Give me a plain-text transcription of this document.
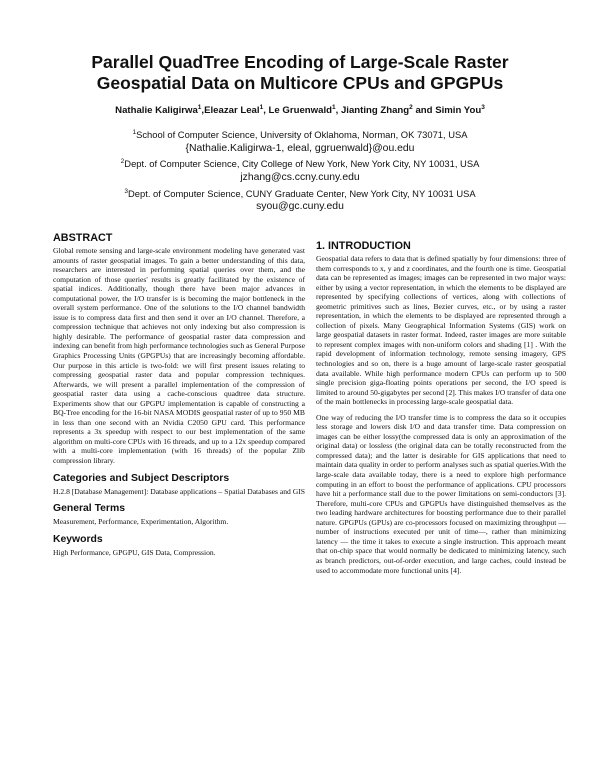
Parallel QuadTree Encoding of Large-Scale Raster
Geospatial Data on Multicore CPUs and GPGPUs
Nathalie Kaligirwa$^1$,Eleazar Leal$^1$, Le Gruenwald$^1$, Jianting Zhang$^2$ and Simin You$^3$
$^1$School of Computer Science, University of Oklahoma, Norman, OK 73071, USA
{Nathalie.Kaligirwa-1, eleal, ggruenwald}@ou.edu
$^2$Dept. of Computer Science, City College of New York, New York City, NY 10031, USA
jzhang@cs.ccny.cuny.edu
$^3$Dept. of Computer Science, CUNY Graduate Center, New York City, NY 10031 USA
syou@gc.cuny.edu
ABSTRACT

Global remote sensing and large-scale environment modeling have generated vast amounts of raster geospatial images. To gain a better understanding of this data, researchers are interested in performing spatial queries over them, and the computation of those queries' results is greatly facilitated by the existence of spatial indices. Additionally, though there have been major advances in computational power, the I/O transfer is is becoming the major bottleneck in the overall system performance. One of the solutions to the I/O channel bandwidth issue is to compress data first and then send it over an I/O channel. Therefore, a compression technique that achieves not only indexing but also compression is highly desirable. The performance of geospatial raster data compression and indexing can benefit from high performance technologies such as General Purpose Graphics Processing Units (GPGPUs) that are increasingly becoming affordable. Our purpose in this article is two-fold: we will first present issues relating to compressing geospatial raster data and popular compression techniques. Afterwards, we will present a parallel implementation of the compression of geospatial raster data using a cache-conscious quadtree data structure. Experiments show that our GPGPU implementation is capable of constructing a BQ-Tree encoding for the 16-bit NASA MODIS geospatial raster of up to 950 MB in less than one second with an Nvidia C2050 GPU card. This performance represents a 3x speedup with respect to our best implementation of the same algorithm on multi-core CPUs with 16 threads, and up to a 12x speedup compared with a multi-core implementation (with 16 threads) of the popular Zlib compression library.

Categories and Subject Descriptors

H.2.8 [Database Management]: Database applications – Spatial Databases and GIS

General Terms

Measurement, Performance, Experimentation, Algorithm.

Keywords

High Performance, GPGPU, GIS Data, Compression.

1. INTRODUCTION

Geospatial data refers to data that is defined spatially by four dimensions: three of them corresponds to x, y and z coordinates, and the fourth one is time. Geospatial data can be represented as images; images can be represented in two major ways: either by using a vector representation, in which the elements to be displayed are represented by specifying collections of vertices, along with collections of geometric primitives such as lines, Bezier curves, etc., or by using a raster representation, in which the elements to be displayed are represented through a collection of pixels. Many Geographical Information Systems (GIS) work on large geospatial datasets in raster format. Indeed, raster images are more suitable to represent complex images with non-uniform colors and shading [1] . With the rapid development of information technology, remote sensing imagery, GPS technologies and so on, there is a huge amount of large-scale raster geospatial data available. While high performance modern CPUs can perform up to 500 single precision giga-floating points operations per second, the I/O speed is limited to around 50-gigabytes per second [2]. This makes I/O transfer of data one of the main bottlenecks in processing large-scale geospatial data.

One way of reducing the I/O transfer time is to compress the data so it occupies less storage and lowers disk I/O and data transfer time. Data compression on images can be either lossy(the compressed data is only an approximation of the original data) or lossless (the original data can be totally reconstructed from the compressed data); and the latter is desirable for GIS applications that need to maintain data quality in order to perform analyses such as spatial queries.With the large-scale data available today, there is a need to explore high performance computing in an effort to boost the performance of applications. CPU processors have hit a performance stall due to the power limitations on semi-conductors [3]. Therefore, multi-core CPUs and GPGPUs have distinguished themselves as the two leading hardware architectures for boosting performance due to their parallel nature. GPGPUs (GPUs) are co-processors focused on maximizing throughput —number of instructions executed per unit of time—, rather than minimizing latency — the time it takes to execute a single instruction. This approach meant that on-chip space that would normally be dedicated to minimizing latency, such as branch predictors, out-of-order execution, and large caches, could instead be used to accommodate more functional units [4].
